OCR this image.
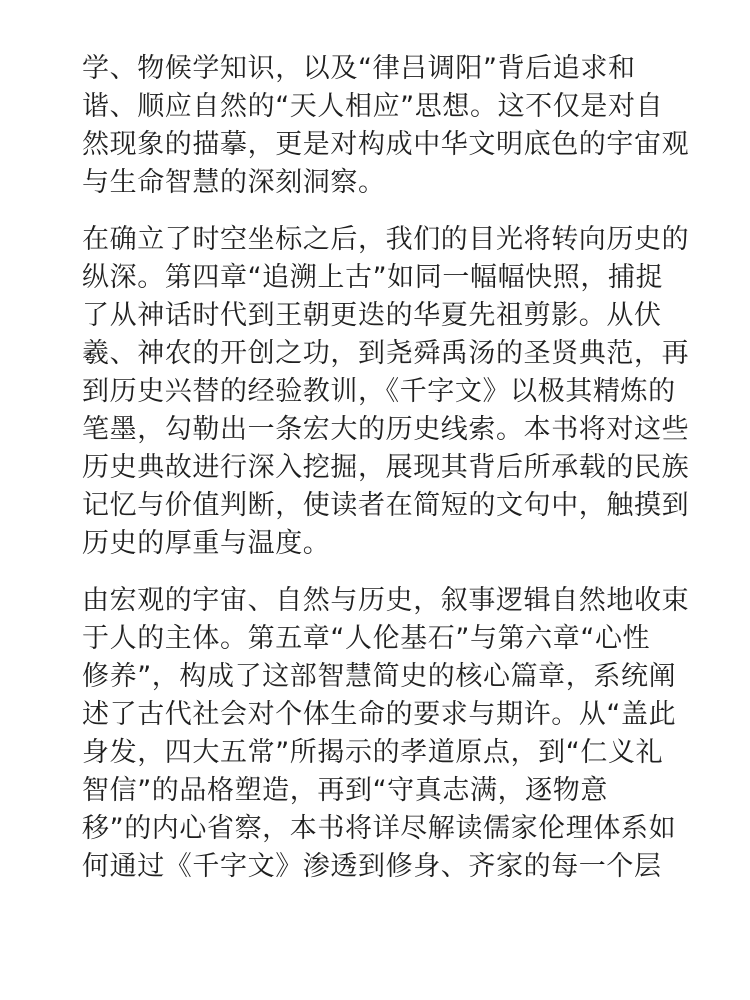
学、物候学知识，以及“律吕调阳”背后追求和
谐、顺应自然的“天人相应”思想。这不仅是对自
然现象的描摹，更是对构成中华文明底色的宇宙观
与生命智慧的深刻洞察。
在确立了时空坐标之后，我们的目光将转向历史的
纵深。第四章“追溯上古”如同一幅幅快照，捕捉
了从神话时代到王朝更迭的华夏先祖剪影。从伏
羲、神农的开创之功，到尧舜禹汤的圣贤典范，再
到历史兴替的经验教训，《千字文》以极其精炼的
笔墨，勾勒出一条宏大的历史线索。本书将对这些
历史典故进行深入挖掘，展现其背后所承载的民族
记忆与价值判断，使读者在简短的文句中，触摸到
历史的厚重与温度。
由宏观的宇宙、自然与历史，叙事逻辑自然地收束
于人的主体。第五章“人伦基石”与第六章“心性
修养”，构成了这部智慧简史的核心篇章，系统阐
述了古代社会对个体生命的要求与期许。从“盖此
身发，四大五常”所揭示的孝道原点，到“仁义礼
智信”的品格塑造，再到“守真志满，逐物意
移”的内心省察，本书将详尽解读儒家伦理体系如
何通过《千字文》渗透到修身、齐家的每一个层
